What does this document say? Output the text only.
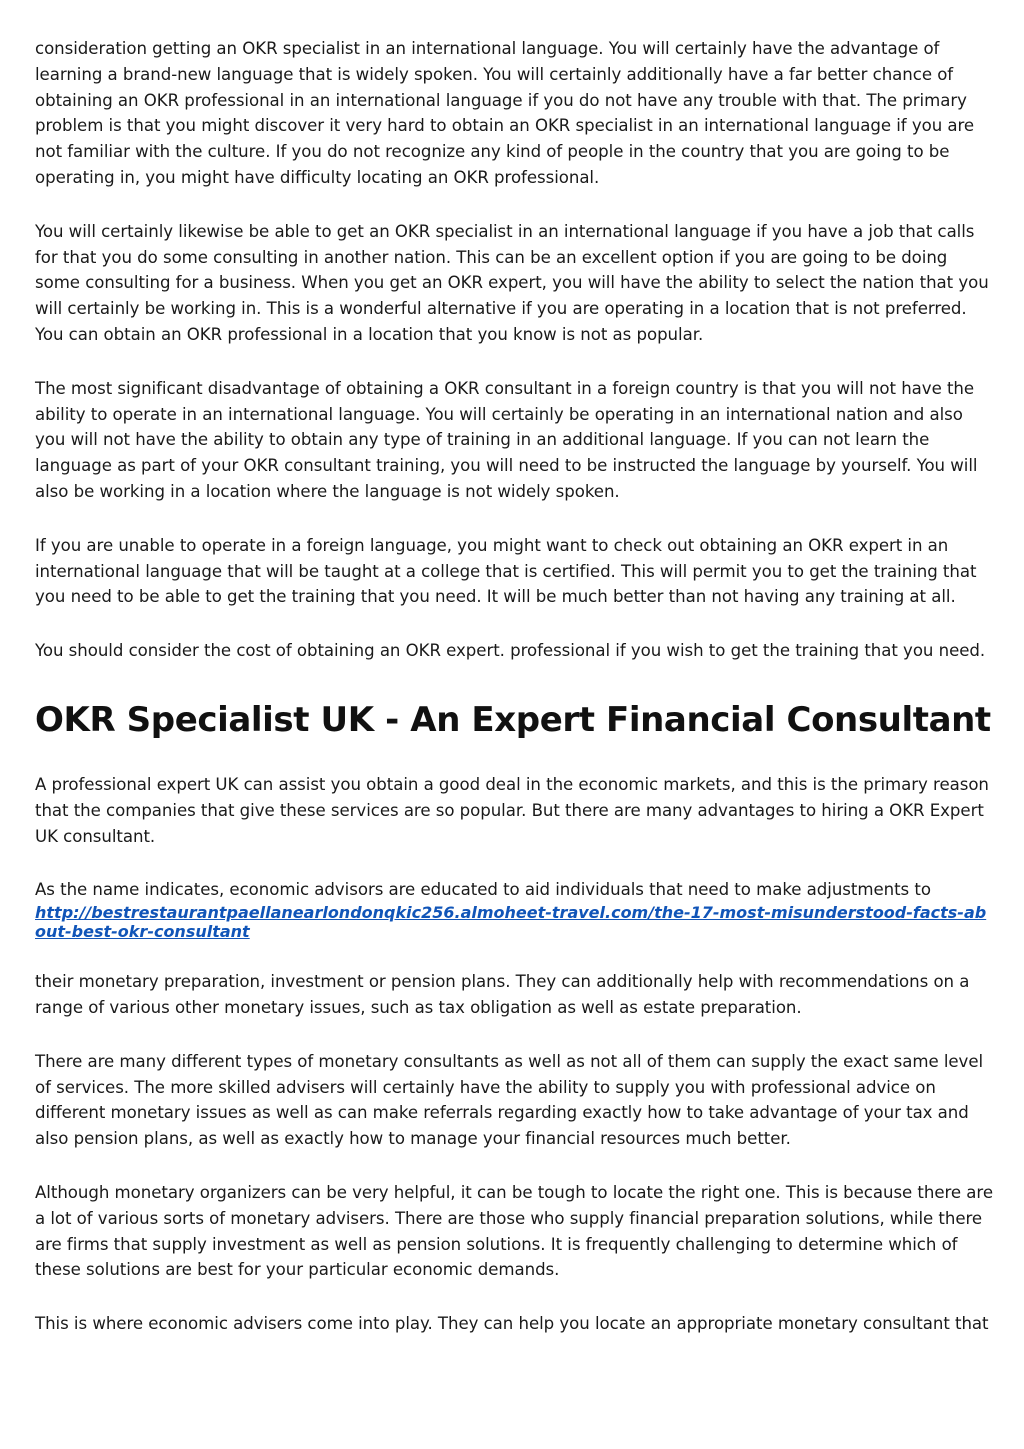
consideration getting an OKR specialist in an international language. You will certainly have the advantage of learning a brand-new language that is widely spoken. You will certainly additionally have a far better chance of obtaining an OKR professional in an international language if you do not have any trouble with that. The primary problem is that you might discover it very hard to obtain an OKR specialist in an international language if you are not familiar with the culture. If you do not recognize any kind of people in the country that you are going to be operating in, you might have difficulty locating an OKR professional.

You will certainly likewise be able to get an OKR specialist in an international language if you have a job that calls for that you do some consulting in another nation. This can be an excellent option if you are going to be doing some consulting for a business. When you get an OKR expert, you will have the ability to select the nation that you will certainly be working in. This is a wonderful alternative if you are operating in a location that is not preferred. You can obtain an OKR professional in a location that you know is not as popular.

The most significant disadvantage of obtaining a OKR consultant in a foreign country is that you will not have the ability to operate in an international language. You will certainly be operating in an international nation and also you will not have the ability to obtain any type of training in an additional language. If you can not learn the language as part of your OKR consultant training, you will need to be instructed the language by yourself. You will also be working in a location where the language is not widely spoken.

If you are unable to operate in a foreign language, you might want to check out obtaining an OKR expert in an international language that will be taught at a college that is certified. This will permit you to get the training that you need to be able to get the training that you need. It will be much better than not having any training at all.

You should consider the cost of obtaining an OKR expert. professional if you wish to get the training that you need.

OKR Specialist UK - An Expert Financial Consultant

A professional expert UK can assist you obtain a good deal in the economic markets, and this is the primary reason that the companies that give these services are so popular. But there are many advantages to hiring a OKR Expert UK consultant.

As the name indicates, economic advisors are educated to aid individuals that need to make adjustments to

http://bestrestaurantpaellanearlondonqkic256.almoheet-travel.com/the-17-most-misunderstood-facts-about-best-okr-consultant

their monetary preparation, investment or pension plans. They can additionally help with recommendations on a range of various other monetary issues, such as tax obligation as well as estate preparation.

There are many different types of monetary consultants as well as not all of them can supply the exact same level of services. The more skilled advisers will certainly have the ability to supply you with professional advice on different monetary issues as well as can make referrals regarding exactly how to take advantage of your tax and also pension plans, as well as exactly how to manage your financial resources much better.

Although monetary organizers can be very helpful, it can be tough to locate the right one. This is because there are a lot of various sorts of monetary advisers. There are those who supply financial preparation solutions, while there are firms that supply investment as well as pension solutions. It is frequently challenging to determine which of these solutions are best for your particular economic demands.

This is where economic advisers come into play. They can help you locate an appropriate monetary consultant that
